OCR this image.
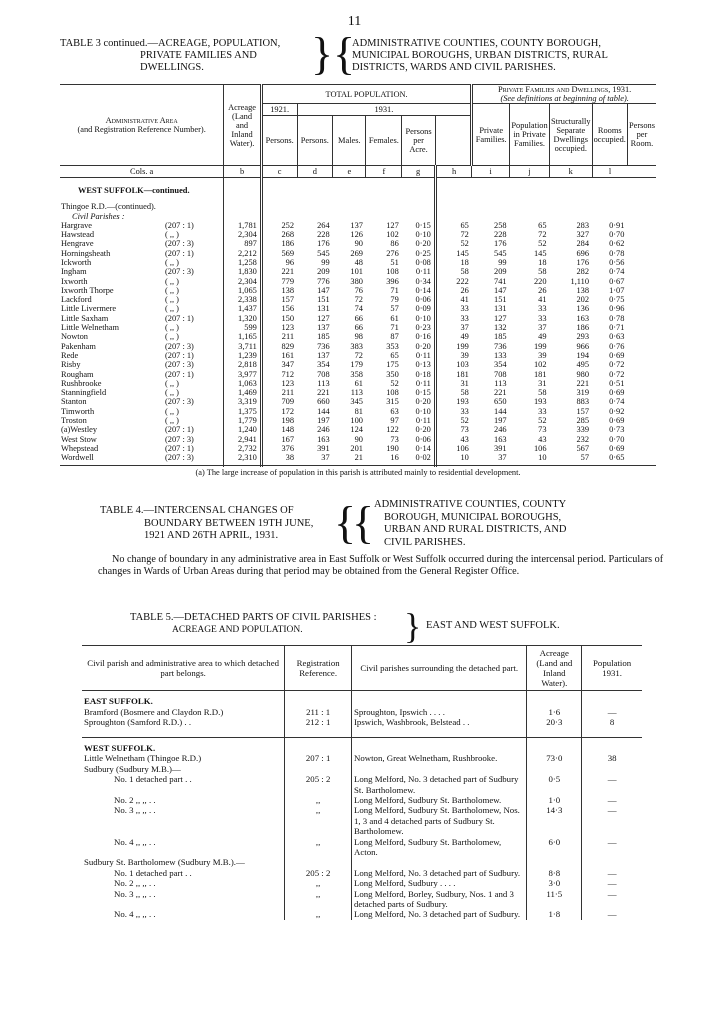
11
TABLE 3 continued.—ACREAGE, POPULATION,
PRIVATE FAMILIES AND
DWELLINGS.	} {
ADMINISTRATIVE COUNTIES, COUNTY BOROUGH,
MUNICIPAL BOROUGHS, URBAN DISTRICTS, RURAL
DISTRICTS, WARDS AND CIVIL PARISHES.
Administrative Area
(and Registration Reference Number).	Acreage (Land and Inland Water).	TOTAL POPULATION.						Private Families and Dwellings, 1931.
(See definitions at beginning of table).				
		1921.	1931.					Private Families.	Population in Private Families.	Structurally Separate Dwellings occupied.	Rooms occupied.	Persons per Room.
		Persons.	Persons.	Males.	Females.	Persons per Acre.						
Cols. a	b	c	d	e	f	g	h	i	j	k	l	
WEST SUFFOLK—continued.												
Thingoe R.D.—(continued).												
Civil Parishes :												
Hargrave (207 : 1)	1,781	252	264	137	127	0·15	65	258	65	283	0·91	
Hawstead ( ,, )	2,304	268	228	126	102	0·10	72	228	72	327	0·70	
Hengrave (207 : 3)	897	186	176	90	86	0·20	52	176	52	284	0·62	
Horningsheath (207 : 1)	2,212	569	545	269	276	0·25	145	545	145	696	0·78	
Ickworth ( ,, )	1,258	96	99	48	51	0·08	18	99	18	176	0·56	
Ingham (207 : 3)	1,830	221	209	101	108	0·11	58	209	58	282	0·74	
Ixworth ( ,, )	2,304	779	776	380	396	0·34	222	741	220	1,110	0·67	
Ixworth Thorpe ( ,, )	1,065	138	147	76	71	0·14	26	147	26	138	1·07	
Lackford ( ,, )	2,338	157	151	72	79	0·06	41	151	41	202	0·75	
Little Livermere ( ,, )	1,437	156	131	74	57	0·09	33	131	33	136	0·96	
Little Saxham (207 : 1)	1,320	150	127	66	61	0·10	33	127	33	163	0·78	
Little Welnetham ( ,, )	599	123	137	66	71	0·23	37	132	37	186	0·71	
Nowton ( ,, )	1,165	211	185	98	87	0·16	49	185	49	293	0·63	
Pakenham (207 : 3)	3,711	829	736	383	353	0·20	199	736	199	966	0·76	
Rede (207 : 1)	1,239	161	137	72	65	0·11	39	133	39	194	0·69	
Risby (207 : 3)	2,818	347	354	179	175	0·13	103	354	102	495	0·72	
Rougham (207 : 1)	3,977	712	708	358	350	0·18	181	708	181	980	0·72	
Rushbrooke ( ,, )	1,063	123	113	61	52	0·11	31	113	31	221	0·51	
Stanningfield ( ,, )	1,469	211	221	113	108	0·15	58	221	58	319	0·69	
Stanton (207 : 3)	3,319	709	660	345	315	0·20	193	650	193	883	0·74	
Timworth ( ,, )	1,375	172	144	81	63	0·10	33	144	33	157	0·92	
Troston ( ,, )	1,779	198	197	100	97	0·11	52	197	52	285	0·69	
(a)Westley (207 : 1)	1,240	148	246	124	122	0·20	73	246	73	339	0·73	
West Stow (207 : 3)	2,941	167	163	90	73	0·06	43	163	43	232	0·70	
Whepstead (207 : 1)	2,732	376	391	201	190	0·14	106	391	106	567	0·69	
Wordwell (207 : 3)	2,310	38	37	21	16	0·02	10	37	10	57	0·65	

(a) The large increase of population in this parish is attributed mainly to residential development.
TABLE 4.—INTERCENSAL CHANGES OF
BOUNDARY BETWEEN 19TH JUNE,
1921 AND 26TH APRIL, 1931.	{
{ ADMINISTRATIVE COUNTIES, COUNTY
BOROUGH, MUNICIPAL BOROUGHS,
URBAN AND RURAL DISTRICTS, AND
CIVIL PARISHES.
No change of boundary in any administrative area in East Suffolk or West Suffolk occurred during the intercensal period. Particulars of changes in Wards of Urban Areas during that period may be obtained from the General Register Office.
TABLE 5.—DETACHED PARTS OF CIVIL PARISHES :
ACREAGE AND POPULATION.	} EAST AND WEST SUFFOLK.
Civil parish and administrative area to which detached part belongs.	Registration Reference.	Civil parishes surrounding the detached part.	Acreage (Land and Inland Water).	Population 1931.
EAST SUFFOLK.				
Bramford (Bosmere and Claydon R.D.)	211 : 1	Sproughton, Ipswich . . . .	1·6	—
Sproughton (Samford R.D.) . .	212 : 1	Ipswich, Washbrook, Belstead . .	20·3	8

WEST SUFFOLK.				
Little Welnetham (Thingoe R.D.)	207 : 1	Nowton, Great Welnetham, Rushbrooke.	73·0	38
Sudbury (Sudbury M.B.)—				
No. 1 detached part . .	205 : 2	Long Melford, No. 3 detached part of Sudbury St. Bartholomew.	0·5	—
No. 2 ,, ,, . .	,,	Long Melford, Sudbury St. Bartholomew.	1·0	—
No. 3 ,, ,, . .	,,	Long Melford, Sudbury St. Bartholomew, Nos. 1, 3 and 4 detached parts of Sudbury St. Bartholomew.	14·3	—
No. 4 ,, ,, . .	,,	Long Melford, Sudbury St. Bartholomew, Acton.	6·0	—
Sudbury St. Bartholomew (Sudbury M.B.).—				
No. 1 detached part . .	205 : 2	Long Melford, No. 3 detached part of Sudbury.	8·8	—
No. 2 ,, ,, . .	,,	Long Melford, Sudbury . . . .	3·0	—
No. 3 ,, ,, . .	,,	Long Melford, Borley, Sudbury, Nos. 1 and 3 detached parts of Sudbury.	11·5	—
No. 4 ,, ,, . .	,,	Long Melford, No. 3 detached part of Sudbury.	1·8	—
